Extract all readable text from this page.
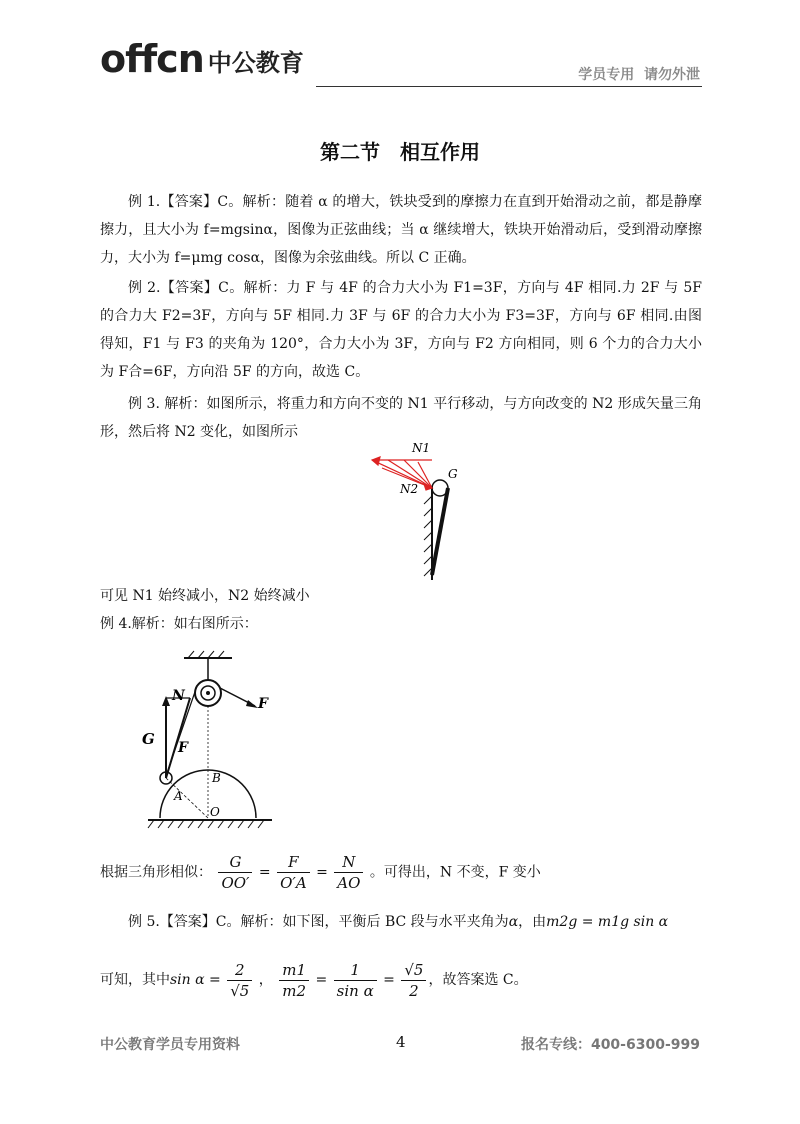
offcn 中公教育	学员专用  请勿外泄
第二节　相互作用

例 1.【答案】C。解析：随着 α 的增大，铁块受到的摩擦力在直到开始滑动之前，都是静摩擦力，且大小为 f=mgsinα，图像为正弦曲线；当 α 继续增大，铁块开始滑动后，受到滑动摩擦力，大小为 f=μmg cosα，图像为余弦曲线。所以 C 正确。

例 2.【答案】C。解析：力 F 与 4F 的合力大小为 F1=3F，方向与 4F 相同.力 2F 与 5F 的合力大 F2=3F，方向与 5F 相同.力 3F 与 6F 的合力大小为 F3=3F，方向与 6F 相同.由图得知，F1 与 F3 的夹角为 120°，合力大小为 3F，方向与 F2 方向相同，则 6 个力的合力大小为 F合=6F，方向沿 5F 的方向，故选 C。

例 3. 解析：如图所示，将重力和方向不变的 N1 平行移动，与方向改变的 N2 形成矢量三角形，然后将 N2 变化，如图所示

N1
N2
G

可见 N1 始终减小，N2 始终减小

例 4.解析：如右图所示：

N
G F
F
B
A
O
根据三角形相似： $\frac{G}{OO'} = \frac{F}{O'A} = \frac{N}{AO}$ 。可得出，N 不变，F 变小
例 5.【答案】C。解析：如下图，平衡后 BC 段与水平夹角为α，由m2g = m1g sin α
可知，其中$\sin \alpha = \frac{2}{√5}$ ， $\frac{m1}{m2} = \frac{1}{\text{sin α}} = \frac{√5}{2}$ ，故答案选 C。
中公教育学员专用资料	4	报名专线：400-6300-999
